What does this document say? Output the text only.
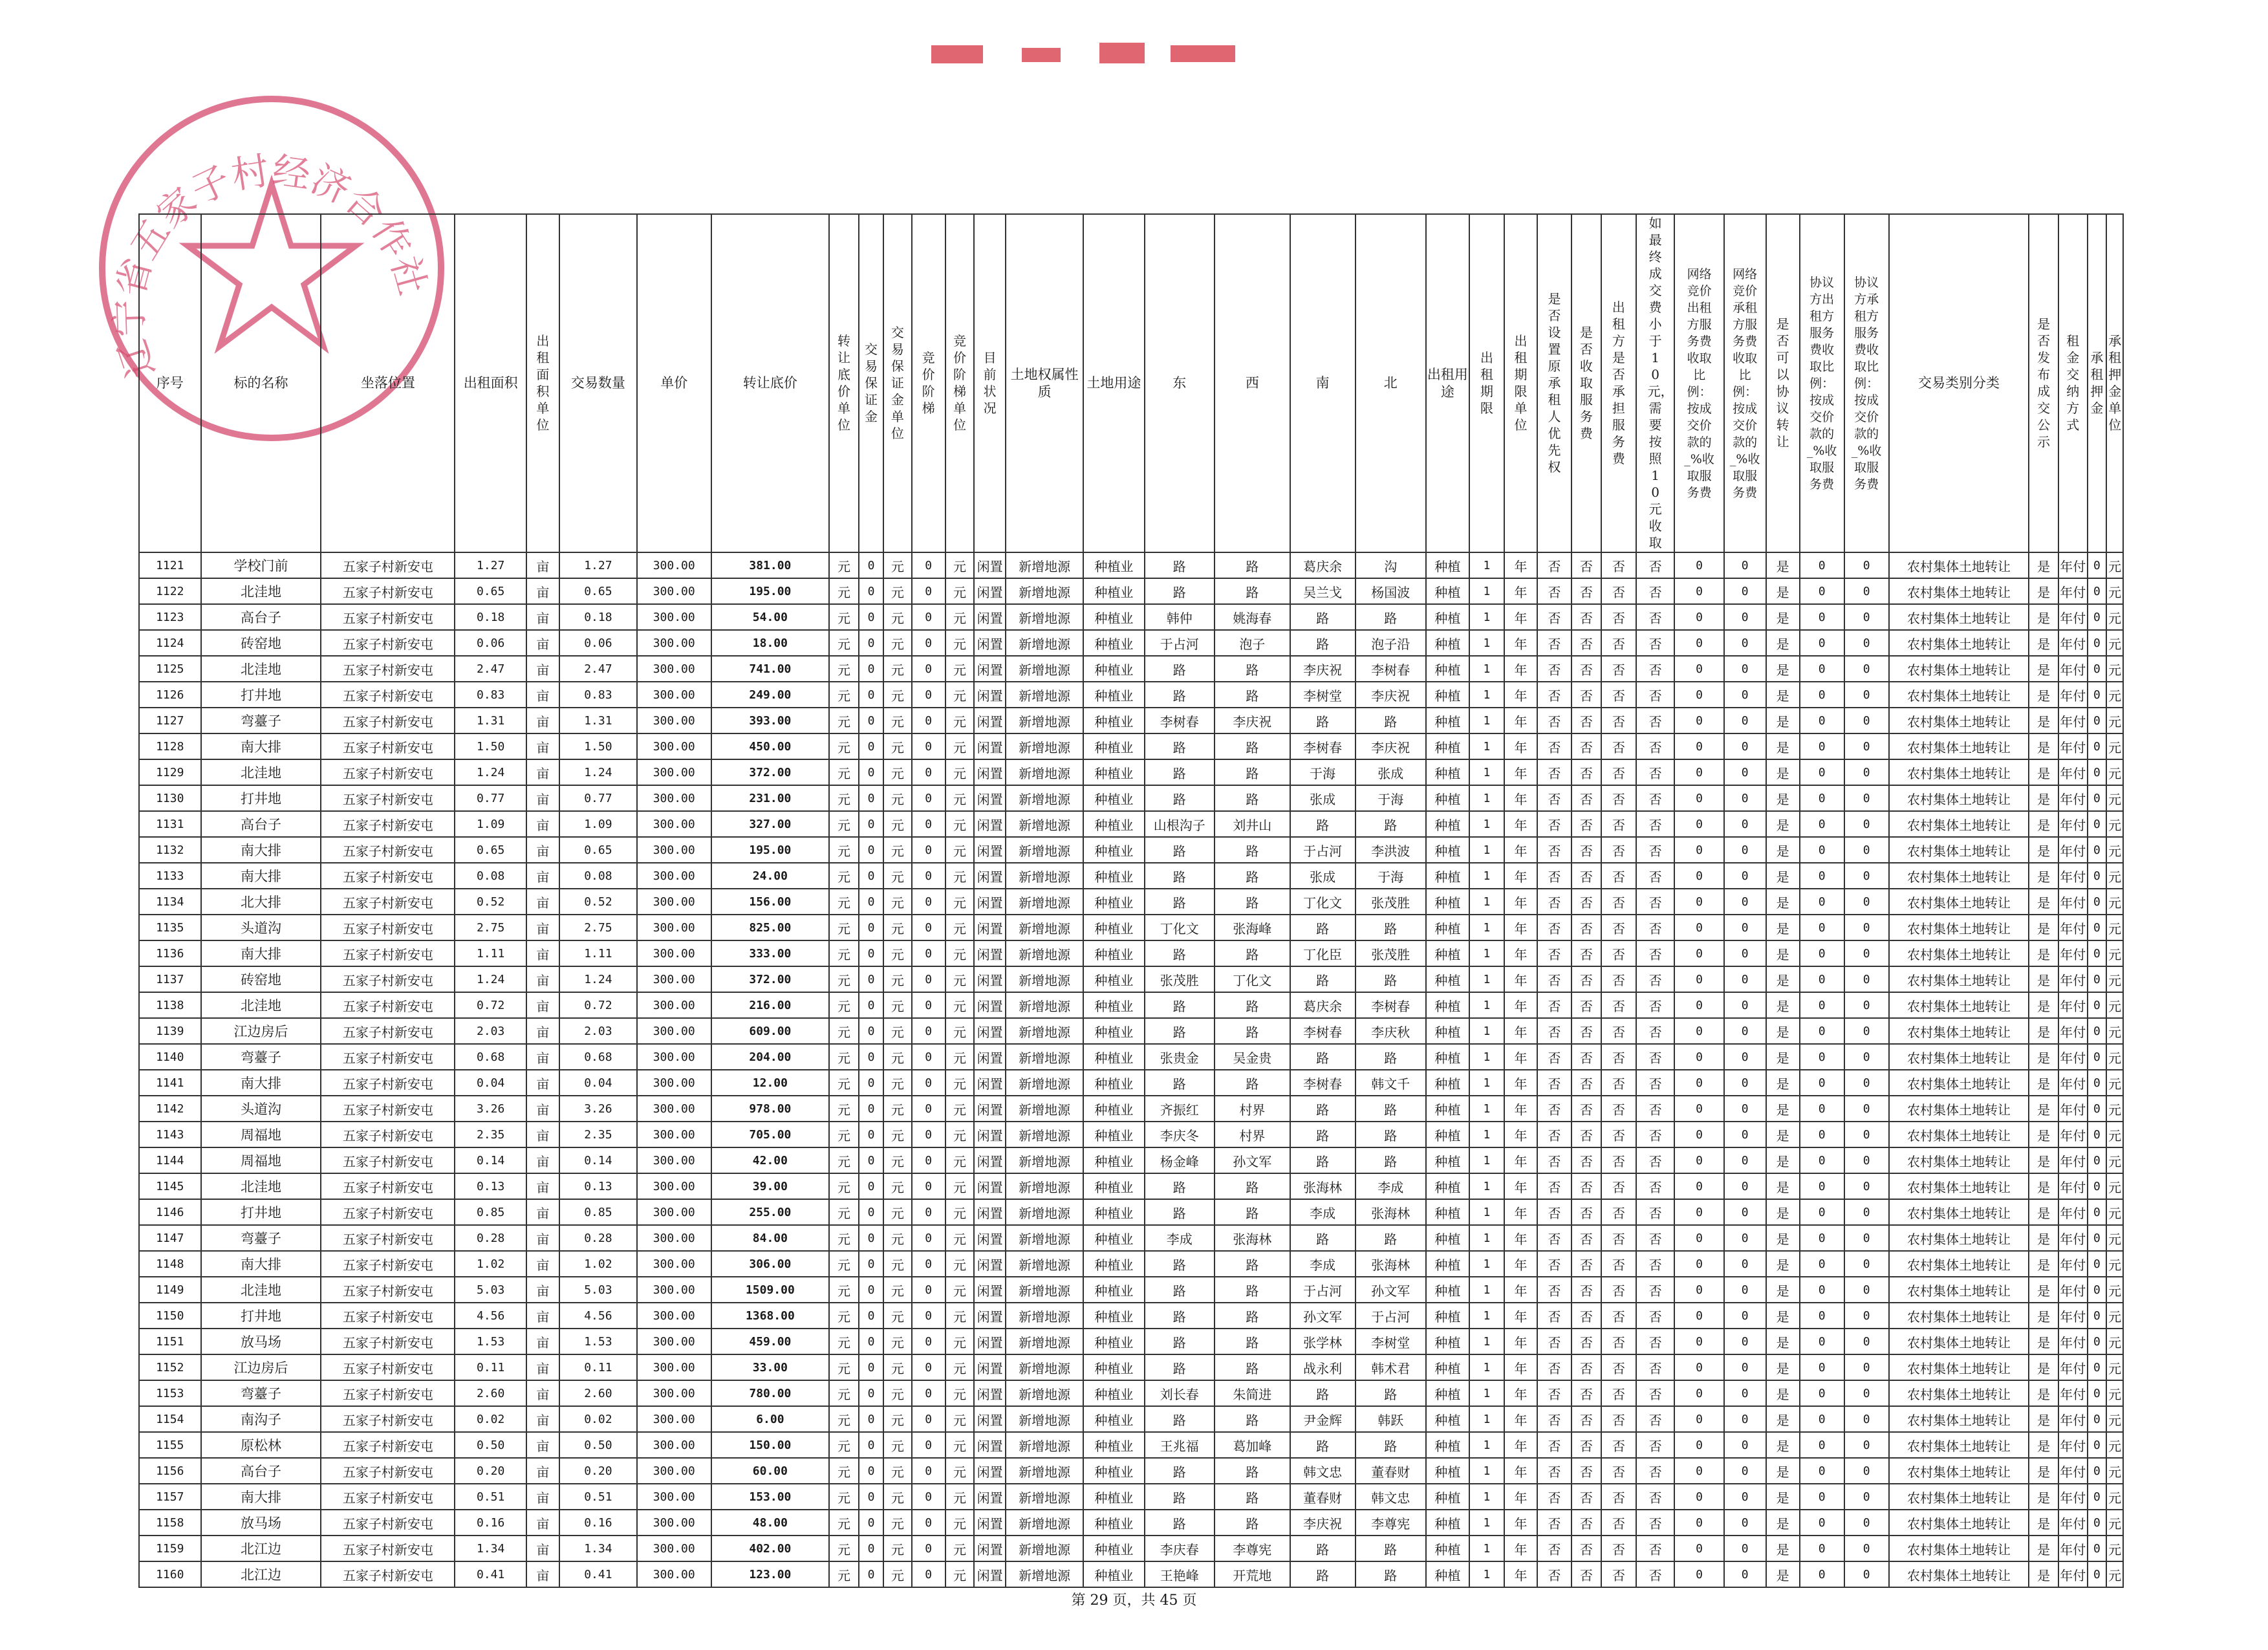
辽宁省五家子村经济合作社
序号	标的名称	坐落位置	出租面积	出租面积单位	交易数量	单价	转让底价	转让底价单位	交易保证金	交易保证金单位	竞价阶梯	竞价阶梯单位	目前状况	土地权属性质	土地用途	东	西	南	北	出租用途	出租期限	出租期限单位	是否设置原承租人优先权	是否收取服务费	出租方是否承担服务费	如最终成交费小于10元，需要按照10元收取	网络竞价出租方服务费收取比例：按成交价款的_%收取服务费	网络竞价承租方服务费收取比例：按成交价款的_%收取服务费	是否可以协议转让	协议方出租方服务费收取比例：按成交价款的_%收取服务费	协议方承租方服务费收取比例：按成交价款的_%收取服务费	交易类别分类	是否发布成交公示	租金交纳方式	承租押金	承租押金单位
1121	学校门前	五家子村新安屯	1.27	亩	1.27	300.00	381.00	元	0	元	0	元	闲置	新增地源	种植业	路	路	葛庆余	沟	种植	1	年	否	否	否	否	0	0	是	0	0	农村集体土地转让	是	年付	0	元
1122	北洼地	五家子村新安屯	0.65	亩	0.65	300.00	195.00	元	0	元	0	元	闲置	新增地源	种植业	路	路	吴兰戈	杨国波	种植	1	年	否	否	否	否	0	0	是	0	0	农村集体土地转让	是	年付	0	元
1123	高台子	五家子村新安屯	0.18	亩	0.18	300.00	54.00	元	0	元	0	元	闲置	新增地源	种植业	韩仲	姚海春	路	路	种植	1	年	否	否	否	否	0	0	是	0	0	农村集体土地转让	是	年付	0	元
1124	砖窑地	五家子村新安屯	0.06	亩	0.06	300.00	18.00	元	0	元	0	元	闲置	新增地源	种植业	于占河	泡子	路	泡子沿	种植	1	年	否	否	否	否	0	0	是	0	0	农村集体土地转让	是	年付	0	元
1125	北洼地	五家子村新安屯	2.47	亩	2.47	300.00	741.00	元	0	元	0	元	闲置	新增地源	种植业	路	路	李庆祝	李树春	种植	1	年	否	否	否	否	0	0	是	0	0	农村集体土地转让	是	年付	0	元
1126	打井地	五家子村新安屯	0.83	亩	0.83	300.00	249.00	元	0	元	0	元	闲置	新增地源	种植业	路	路	李树堂	李庆祝	种植	1	年	否	否	否	否	0	0	是	0	0	农村集体土地转让	是	年付	0	元
1127	弯薹子	五家子村新安屯	1.31	亩	1.31	300.00	393.00	元	0	元	0	元	闲置	新增地源	种植业	李树春	李庆祝	路	路	种植	1	年	否	否	否	否	0	0	是	0	0	农村集体土地转让	是	年付	0	元
1128	南大排	五家子村新安屯	1.50	亩	1.50	300.00	450.00	元	0	元	0	元	闲置	新增地源	种植业	路	路	李树春	李庆祝	种植	1	年	否	否	否	否	0	0	是	0	0	农村集体土地转让	是	年付	0	元
1129	北洼地	五家子村新安屯	1.24	亩	1.24	300.00	372.00	元	0	元	0	元	闲置	新增地源	种植业	路	路	于海	张成	种植	1	年	否	否	否	否	0	0	是	0	0	农村集体土地转让	是	年付	0	元
1130	打井地	五家子村新安屯	0.77	亩	0.77	300.00	231.00	元	0	元	0	元	闲置	新增地源	种植业	路	路	张成	于海	种植	1	年	否	否	否	否	0	0	是	0	0	农村集体土地转让	是	年付	0	元
1131	高台子	五家子村新安屯	1.09	亩	1.09	300.00	327.00	元	0	元	0	元	闲置	新增地源	种植业	山根沟子	刘井山	路	路	种植	1	年	否	否	否	否	0	0	是	0	0	农村集体土地转让	是	年付	0	元
1132	南大排	五家子村新安屯	0.65	亩	0.65	300.00	195.00	元	0	元	0	元	闲置	新增地源	种植业	路	路	于占河	李洪波	种植	1	年	否	否	否	否	0	0	是	0	0	农村集体土地转让	是	年付	0	元
1133	南大排	五家子村新安屯	0.08	亩	0.08	300.00	24.00	元	0	元	0	元	闲置	新增地源	种植业	路	路	张成	于海	种植	1	年	否	否	否	否	0	0	是	0	0	农村集体土地转让	是	年付	0	元
1134	北大排	五家子村新安屯	0.52	亩	0.52	300.00	156.00	元	0	元	0	元	闲置	新增地源	种植业	路	路	丁化文	张茂胜	种植	1	年	否	否	否	否	0	0	是	0	0	农村集体土地转让	是	年付	0	元
1135	头道沟	五家子村新安屯	2.75	亩	2.75	300.00	825.00	元	0	元	0	元	闲置	新增地源	种植业	丁化文	张海峰	路	路	种植	1	年	否	否	否	否	0	0	是	0	0	农村集体土地转让	是	年付	0	元
1136	南大排	五家子村新安屯	1.11	亩	1.11	300.00	333.00	元	0	元	0	元	闲置	新增地源	种植业	路	路	丁化臣	张茂胜	种植	1	年	否	否	否	否	0	0	是	0	0	农村集体土地转让	是	年付	0	元
1137	砖窑地	五家子村新安屯	1.24	亩	1.24	300.00	372.00	元	0	元	0	元	闲置	新增地源	种植业	张茂胜	丁化文	路	路	种植	1	年	否	否	否	否	0	0	是	0	0	农村集体土地转让	是	年付	0	元
1138	北洼地	五家子村新安屯	0.72	亩	0.72	300.00	216.00	元	0	元	0	元	闲置	新增地源	种植业	路	路	葛庆余	李树春	种植	1	年	否	否	否	否	0	0	是	0	0	农村集体土地转让	是	年付	0	元
1139	江边房后	五家子村新安屯	2.03	亩	2.03	300.00	609.00	元	0	元	0	元	闲置	新增地源	种植业	路	路	李树春	李庆秋	种植	1	年	否	否	否	否	0	0	是	0	0	农村集体土地转让	是	年付	0	元
1140	弯薹子	五家子村新安屯	0.68	亩	0.68	300.00	204.00	元	0	元	0	元	闲置	新增地源	种植业	张贵金	吴金贵	路	路	种植	1	年	否	否	否	否	0	0	是	0	0	农村集体土地转让	是	年付	0	元
1141	南大排	五家子村新安屯	0.04	亩	0.04	300.00	12.00	元	0	元	0	元	闲置	新增地源	种植业	路	路	李树春	韩文千	种植	1	年	否	否	否	否	0	0	是	0	0	农村集体土地转让	是	年付	0	元
1142	头道沟	五家子村新安屯	3.26	亩	3.26	300.00	978.00	元	0	元	0	元	闲置	新增地源	种植业	齐振红	村界	路	路	种植	1	年	否	否	否	否	0	0	是	0	0	农村集体土地转让	是	年付	0	元
1143	周福地	五家子村新安屯	2.35	亩	2.35	300.00	705.00	元	0	元	0	元	闲置	新增地源	种植业	李庆冬	村界	路	路	种植	1	年	否	否	否	否	0	0	是	0	0	农村集体土地转让	是	年付	0	元
1144	周福地	五家子村新安屯	0.14	亩	0.14	300.00	42.00	元	0	元	0	元	闲置	新增地源	种植业	杨金峰	孙文军	路	路	种植	1	年	否	否	否	否	0	0	是	0	0	农村集体土地转让	是	年付	0	元
1145	北洼地	五家子村新安屯	0.13	亩	0.13	300.00	39.00	元	0	元	0	元	闲置	新增地源	种植业	路	路	张海林	李成	种植	1	年	否	否	否	否	0	0	是	0	0	农村集体土地转让	是	年付	0	元
1146	打井地	五家子村新安屯	0.85	亩	0.85	300.00	255.00	元	0	元	0	元	闲置	新增地源	种植业	路	路	李成	张海林	种植	1	年	否	否	否	否	0	0	是	0	0	农村集体土地转让	是	年付	0	元
1147	弯薹子	五家子村新安屯	0.28	亩	0.28	300.00	84.00	元	0	元	0	元	闲置	新增地源	种植业	李成	张海林	路	路	种植	1	年	否	否	否	否	0	0	是	0	0	农村集体土地转让	是	年付	0	元
1148	南大排	五家子村新安屯	1.02	亩	1.02	300.00	306.00	元	0	元	0	元	闲置	新增地源	种植业	路	路	李成	张海林	种植	1	年	否	否	否	否	0	0	是	0	0	农村集体土地转让	是	年付	0	元
1149	北洼地	五家子村新安屯	5.03	亩	5.03	300.00	1509.00	元	0	元	0	元	闲置	新增地源	种植业	路	路	于占河	孙文军	种植	1	年	否	否	否	否	0	0	是	0	0	农村集体土地转让	是	年付	0	元
1150	打井地	五家子村新安屯	4.56	亩	4.56	300.00	1368.00	元	0	元	0	元	闲置	新增地源	种植业	路	路	孙文军	于占河	种植	1	年	否	否	否	否	0	0	是	0	0	农村集体土地转让	是	年付	0	元
1151	放马场	五家子村新安屯	1.53	亩	1.53	300.00	459.00	元	0	元	0	元	闲置	新增地源	种植业	路	路	张学林	李树堂	种植	1	年	否	否	否	否	0	0	是	0	0	农村集体土地转让	是	年付	0	元
1152	江边房后	五家子村新安屯	0.11	亩	0.11	300.00	33.00	元	0	元	0	元	闲置	新增地源	种植业	路	路	战永利	韩术君	种植	1	年	否	否	否	否	0	0	是	0	0	农村集体土地转让	是	年付	0	元
1153	弯薹子	五家子村新安屯	2.60	亩	2.60	300.00	780.00	元	0	元	0	元	闲置	新增地源	种植业	刘长春	朱简进	路	路	种植	1	年	否	否	否	否	0	0	是	0	0	农村集体土地转让	是	年付	0	元
1154	南沟子	五家子村新安屯	0.02	亩	0.02	300.00	6.00	元	0	元	0	元	闲置	新增地源	种植业	路	路	尹金辉	韩跃	种植	1	年	否	否	否	否	0	0	是	0	0	农村集体土地转让	是	年付	0	元
1155	原松林	五家子村新安屯	0.50	亩	0.50	300.00	150.00	元	0	元	0	元	闲置	新增地源	种植业	王兆福	葛加峰	路	路	种植	1	年	否	否	否	否	0	0	是	0	0	农村集体土地转让	是	年付	0	元
1156	高台子	五家子村新安屯	0.20	亩	0.20	300.00	60.00	元	0	元	0	元	闲置	新增地源	种植业	路	路	韩文忠	董春财	种植	1	年	否	否	否	否	0	0	是	0	0	农村集体土地转让	是	年付	0	元
1157	南大排	五家子村新安屯	0.51	亩	0.51	300.00	153.00	元	0	元	0	元	闲置	新增地源	种植业	路	路	董春财	韩文忠	种植	1	年	否	否	否	否	0	0	是	0	0	农村集体土地转让	是	年付	0	元
1158	放马场	五家子村新安屯	0.16	亩	0.16	300.00	48.00	元	0	元	0	元	闲置	新增地源	种植业	路	路	李庆祝	李尊宪	种植	1	年	否	否	否	否	0	0	是	0	0	农村集体土地转让	是	年付	0	元
1159	北江边	五家子村新安屯	1.34	亩	1.34	300.00	402.00	元	0	元	0	元	闲置	新增地源	种植业	李庆春	李尊宪	路	路	种植	1	年	否	否	否	否	0	0	是	0	0	农村集体土地转让	是	年付	0	元
1160	北江边	五家子村新安屯	0.41	亩	0.41	300.00	123.00	元	0	元	0	元	闲置	新增地源	种植业	王艳峰	开荒地	路	路	种植	1	年	否	否	否	否	0	0	是	0	0	农村集体土地转让	是	年付	0	元
第 29 页，共 45 页
